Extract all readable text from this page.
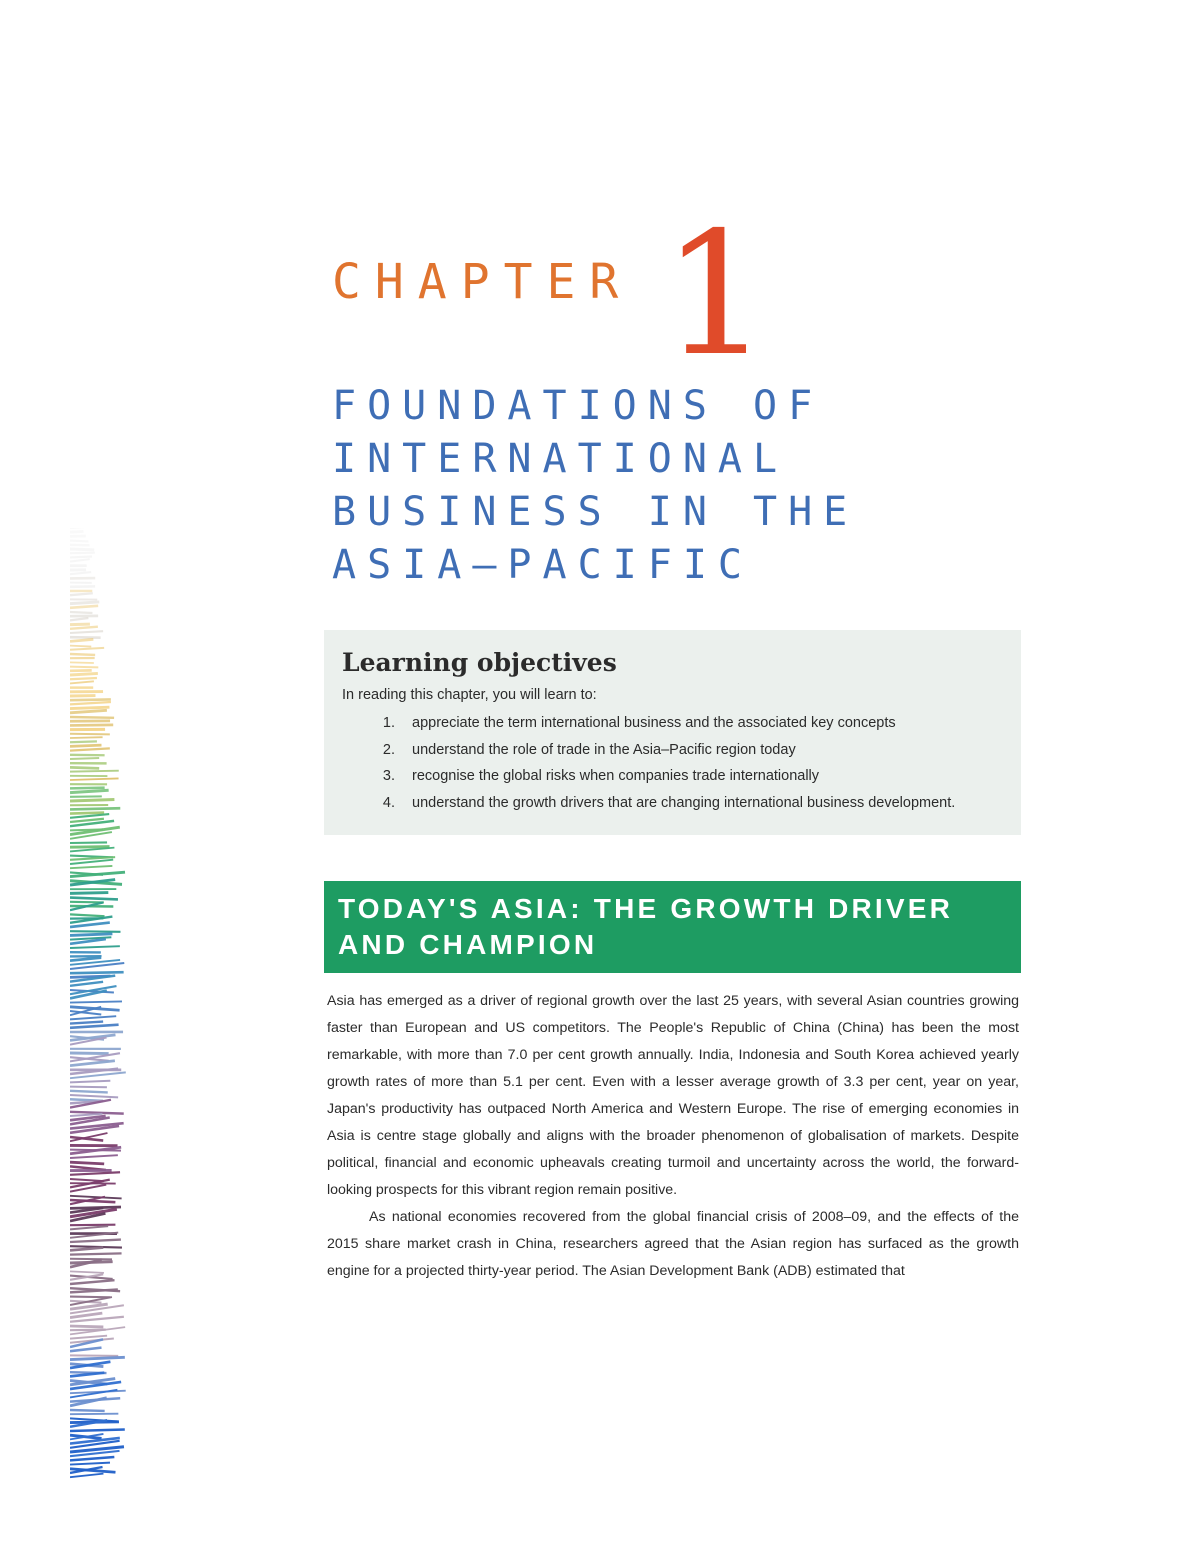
CHAPTER 1
FOUNDATIONS OF
INTERNATIONAL
BUSINESS IN THE
ASIA–PACIFIC
Learning objectives

In reading this chapter, you will learn to:

1.	appreciate the term international business and the associated key concepts
2.	understand the role of trade in the Asia–Pacific region today
3.	recognise the global risks when companies trade internationally
4.	understand the growth drivers that are changing international business development.
TODAY'S ASIA: THE GROWTH DRIVER
AND CHAMPION

Asia has emerged as a driver of regional growth over the last 25 years, with several Asian countries growing faster than European and US competitors. The People's Republic of China (China) has been the most remarkable, with more than 7.0 per cent growth annually. India, Indonesia and South Korea achieved yearly growth rates of more than 5.1 per cent. Even with a lesser average growth of 3.3 per cent, year on year, Japan's productivity has outpaced North America and Western Europe. The rise of emerging economies in Asia is centre stage globally and aligns with the broader phenomenon of globalisation of markets. Despite political, financial and economic upheavals creating turmoil and uncertainty across the world, the forward-looking prospects for this vibrant region remain positive.

As national economies recovered from the global financial crisis of 2008–09, and the effects of the 2015 share market crash in China, researchers agreed that the Asian region has surfaced as the growth engine for a projected thirty-year period. The Asian Development Bank (ADB) estimated that
